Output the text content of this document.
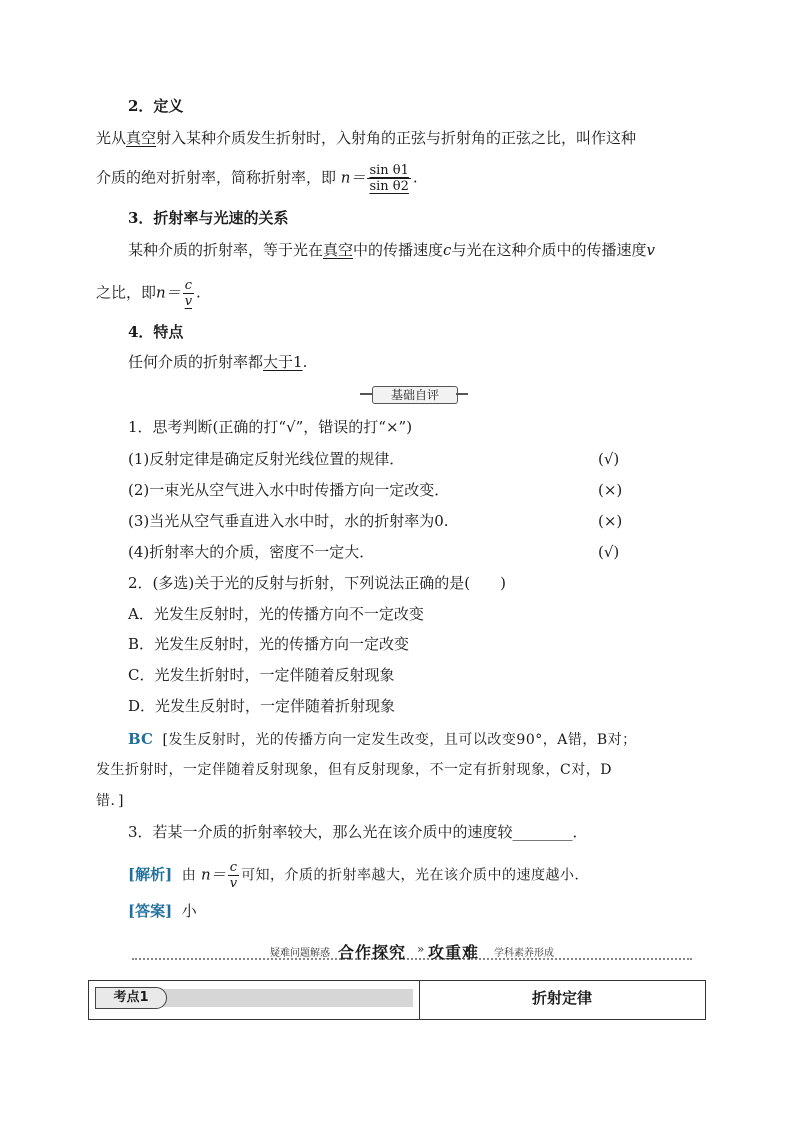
2．定义
光从真空射入某种介质发生折射时，入射角的正弦与折射角的正弦之比，叫作这种
介质的绝对折射率，简称折射率，即 $n= \frac{\text{sin θ1}}{\text{sin θ2}}$ .
3．折射率与光速的关系
某种介质的折射率，等于光在真空中的传播速度c与光在这种介质中的传播速度v
之比，即$n= \frac{c}{v}$ .
4．特点
任何介质的折射率都大于1.
基础自评
1．思考判断(正确的打“√”，错误的打“×”)
(1)反射定律是确定反射光线位置的规律．	(√)
(2)一束光从空气进入水中时传播方向一定改变．	(×)
(3)当光从空气垂直进入水中时，水的折射率为0.	(×)
(4)折射率大的介质，密度不一定大．	(√)
2．(多选)关于光的反射与折射，下列说法正确的是(　　)
A．光发生反射时，光的传播方向不一定改变
B．光发生反射时，光的传播方向一定改变
C．光发生折射时，一定伴随着反射现象
D．光发生反射时，一定伴随着折射现象
BC [发生反射时，光的传播方向一定发生改变，且可以改变90°，A错，B对；
发生折射时，一定伴随着反射现象，但有反射现象，不一定有折射现象，C对，D
错．]
3．若某一介质的折射率较大，那么光在该介质中的速度较________．
[解析] 由 $n= \frac{c}{v}$ 可知，介质的折射率越大，光在该介质中的速度越小．
[答案] 小
疑难问题解惑 合作探究 » 攻重难 学科素养形成
考点1	折射定律
